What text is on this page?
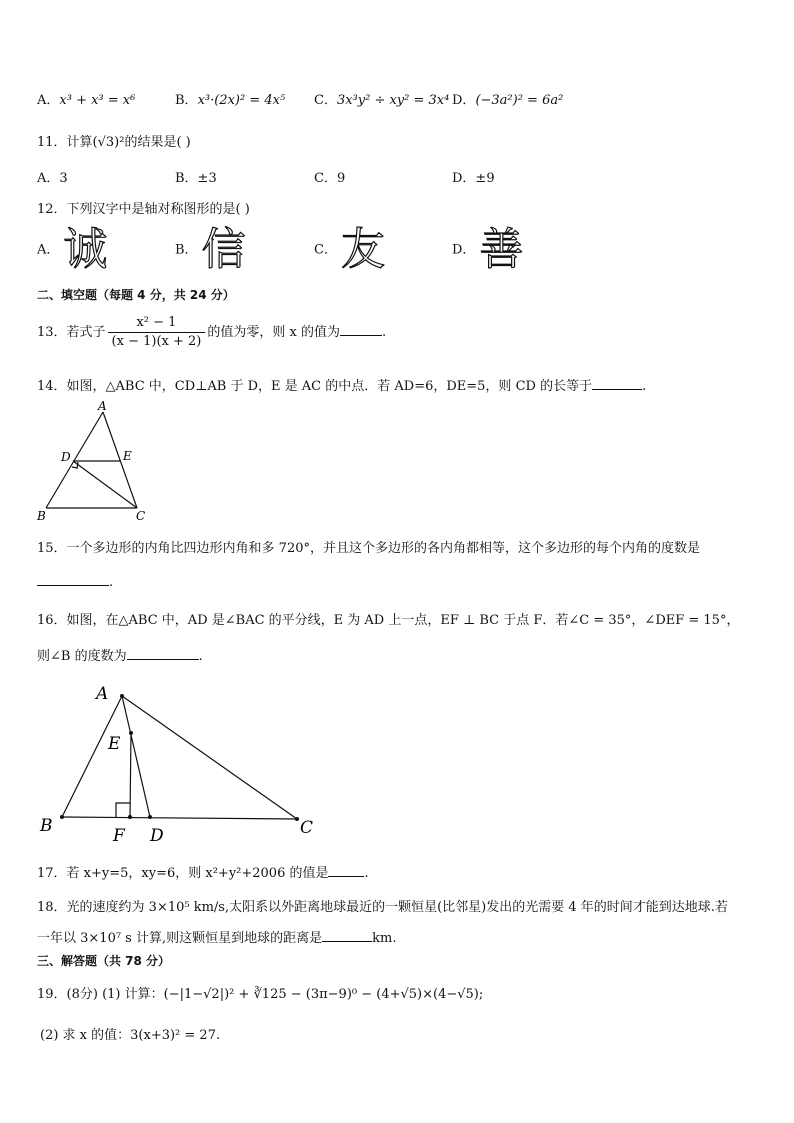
A．x³ + x³ = x⁶	B．x³·(2x)² = 4x⁵ C．3x³y² ÷ xy² = 3x⁴ D．(−3a²)² = 6a²
11．计算(√3)²的结果是( )
A．3	B．±3	C．9	D．±9
12．下列汉字中是轴对称图形的是( )
A．诚	B．信	C．友	D．善
二、填空题（每题 4 分，共 24 分）
13．若式子 $\frac{\text{x² − 1}}{(x - 1)(x + 2)}$ 的值为零，则 x 的值为	.
14．如图，△ABC 中，CD⊥AB 于 D，E 是 AC 的中点．若 AD=6，DE=5，则 CD 的长等于	.
A
D	E
B	C
15．一个多边形的内角比四边形内角和多 720°，并且这个多边形的各内角都相等，这个多边形的每个内角的度数是
.
16．如图，在△ABC 中，AD 是∠BAC 的平分线，E 为 AD 上一点，EF ⊥ BC 于点 F．若∠C = 35°，∠DEF = 15°，
则∠B 的度数为	.
A
E
B	F D	C
17．若 x+y=5，xy=6，则 x²+y²+2006 的值是	.
18．光的速度约为 3×10⁵ km/s,太阳系以外距离地球最近的一颗恒星(比邻星)发出的光需要 4 年的时间才能到达地球.若
一年以 3×10⁷ s 计算,则这颗恒星到地球的距离是	km.
三、解答题（共 78 分）
19．(8分) (1) 计算：(−|1−√2|)² + ∛125 − (3π−9)⁰ − (4+√5)×(4−√5);
(2) 求 x 的值：3(x+3)² = 27.
